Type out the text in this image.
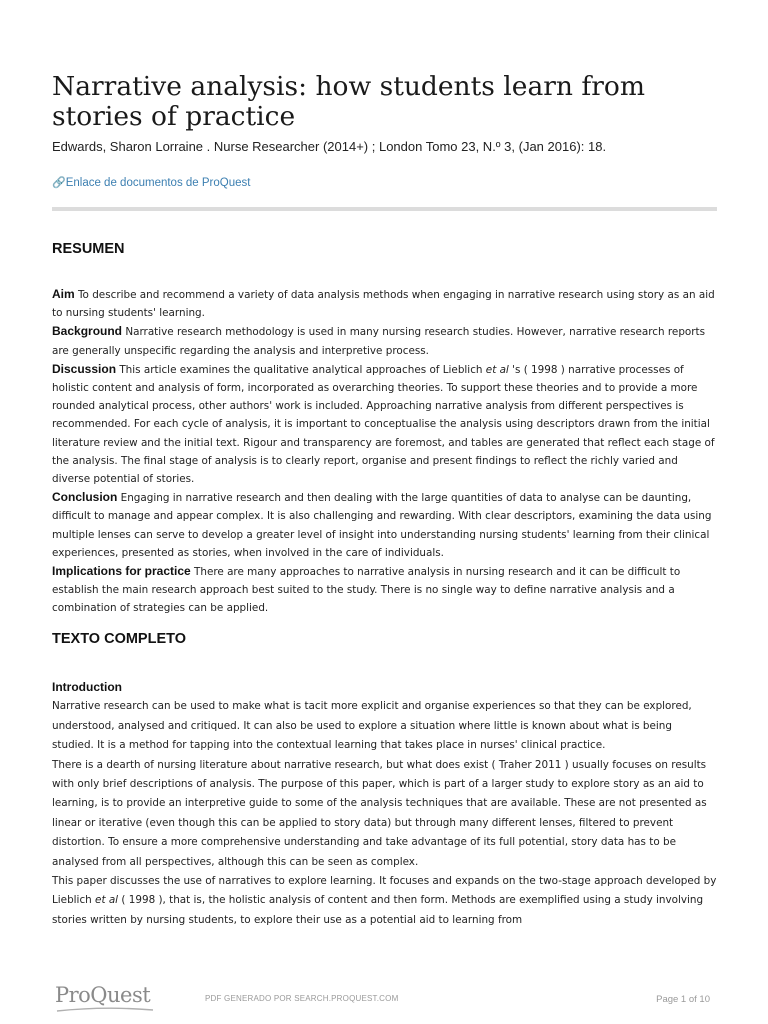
Narrative analysis: how students learn from
stories of practice
Edwards, Sharon Lorraine . Nurse Researcher (2014+) ; London Tomo 23, N.º 3, (Jan 2016): 18.
🔗Enlace de documentos de ProQuest
RESUMEN

Aim To describe and recommend a variety of data analysis methods when engaging in narrative research using story as an aid to nursing students' learning.

Background Narrative research methodology is used in many nursing research studies. However, narrative research reports are generally unspecific regarding the analysis and interpretive process.

Discussion This article examines the qualitative analytical approaches of Lieblich et al 's ( 1998 ) narrative processes of holistic content and analysis of form, incorporated as overarching theories. To support these theories and to provide a more rounded analytical process, other authors' work is included. Approaching narrative analysis from different perspectives is recommended. For each cycle of analysis, it is important to conceptualise the analysis using descriptors drawn from the initial literature review and the initial text. Rigour and transparency are foremost, and tables are generated that reflect each stage of the analysis. The final stage of analysis is to clearly report, organise and present findings to reflect the richly varied and diverse potential of stories.

Conclusion Engaging in narrative research and then dealing with the large quantities of data to analyse can be daunting, difficult to manage and appear complex. It is also challenging and rewarding. With clear descriptors, examining the data using multiple lenses can serve to develop a greater level of insight into understanding nursing students' learning from their clinical experiences, presented as stories, when involved in the care of individuals.

Implications for practice There are many approaches to narrative analysis in nursing research and it can be difficult to establish the main research approach best suited to the study. There is no single way to define narrative analysis and a combination of strategies can be applied.

TEXTO COMPLETO

Introduction

Narrative research can be used to make what is tacit more explicit and organise experiences so that they can be explored, understood, analysed and critiqued. It can also be used to explore a situation where little is known about what is being studied. It is a method for tapping into the contextual learning that takes place in nurses' clinical practice.

There is a dearth of nursing literature about narrative research, but what does exist ( Traher 2011 ) usually focuses on results with only brief descriptions of analysis. The purpose of this paper, which is part of a larger study to explore story as an aid to learning, is to provide an interpretive guide to some of the analysis techniques that are available. These are not presented as linear or iterative (even though this can be applied to story data) but through many different lenses, filtered to prevent distortion. To ensure a more comprehensive understanding and take advantage of its full potential, story data has to be analysed from all perspectives, although this can be seen as complex.

This paper discusses the use of narratives to explore learning. It focuses and expands on the two-stage approach developed by Lieblich et al ( 1998 ), that is, the holistic analysis of content and then form. Methods are exemplified using a study involving stories written by nursing students, to explore their use as a potential aid to learning from

ProQuest	PDF GENERADO POR SEARCH.PROQUEST.COM	Page 1 of 10
